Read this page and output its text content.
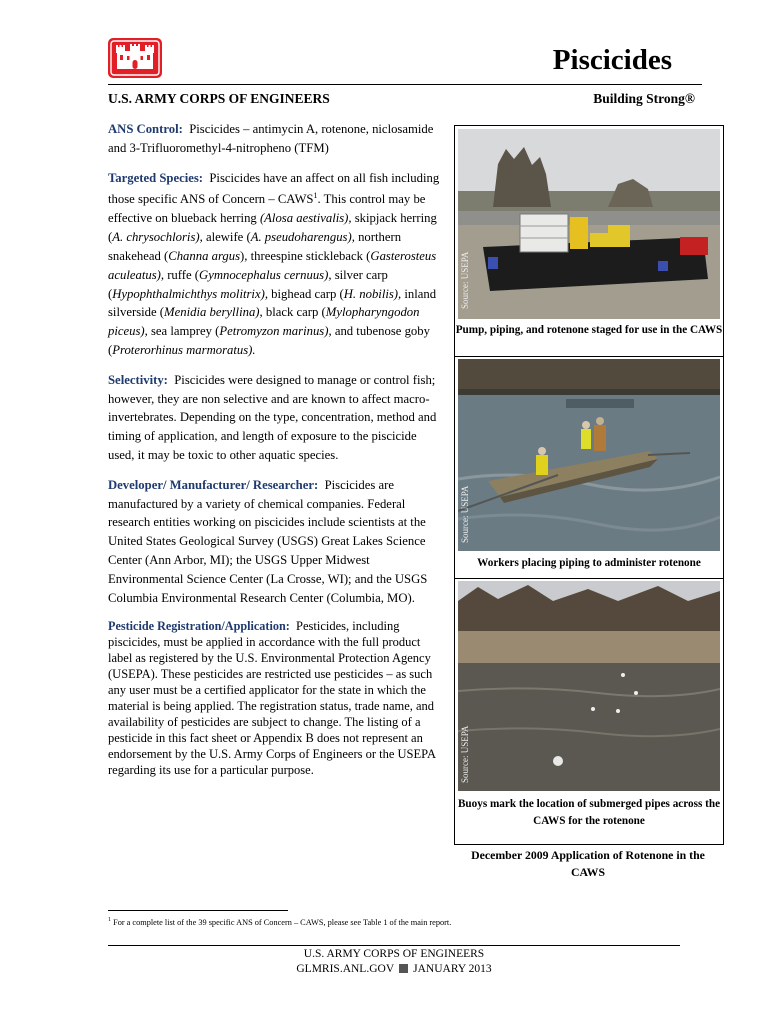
Piscicides
U.S. ARMY CORPS OF ENGINEERS	Building Strong®

ANS Control: Piscicides – antimycin A, rotenone, niclosamide and 3-Trifluoromethyl-4-nitropheno (TFM)

Targeted Species: Piscicides have an affect on all fish including those specific ANS of Concern – CAWS$^1$. This control may be effective on blueback herring (Alosa aestivalis), skipjack herring (A. chrysochloris), alewife (A. pseudoharengus), northern snakehead (Channa argus), threespine stickleback (Gasterosteus aculeatus), ruffe (Gymnocephalus cernuus), silver carp (Hypophthalmichthys molitrix), bighead carp (H. nobilis), inland silverside (Menidia beryllina), black carp (Mylopharyngodon piceus), sea lamprey (Petromyzon marinus), and tubenose goby (Proterorhinus marmoratus).

Selectivity: Piscicides were designed to manage or control fish; however, they are non selective and are known to affect macro-invertebrates. Depending on the type, concentration, method and timing of application, and length of exposure to the piscicide used, it may be toxic to other aquatic species.

Developer/ Manufacturer/ Researcher: Piscicides are manufactured by a variety of chemical companies. Federal research entities working on piscicides include scientists at the United States Geological Survey (USGS) Great Lakes Science Center (Ann Arbor, MI); the USGS Upper Midwest Environmental Science Center (La Crosse, WI); and the USGS Columbia Environmental Research Center (Columbia, MO).

Pesticide Registration/Application: Pesticides, including piscicides, must be applied in accordance with the full product label as registered by the U.S. Environmental Protection Agency (USEPA). These pesticides are restricted use pesticides – as such any user must be a certified applicator for the state in which the material is being applied. The registration status, trade name, and availability of pesticides are subject to change. The listing of a pesticide in this fact sheet or Appendix B does not represent an endorsement by the U.S. Army Corps of Engineers or the USEPA regarding its use for a particular purpose.

Source: USEPA
Pump, piping, and rotenone staged for use in the CAWS
Source: USEPA
Workers placing piping to administer rotenone
Source: USEPA
Buoys mark the location of submerged pipes across the CAWS for the rotenone
December 2009 Application of Rotenone in the CAWS
$^1$ For a complete list of the 39 specific ANS of Concern – CAWS, please see Table 1 of the main report.
U.S. ARMY CORPS OF ENGINEERS
GLMRIS.ANL.GOV JANUARY 2013
